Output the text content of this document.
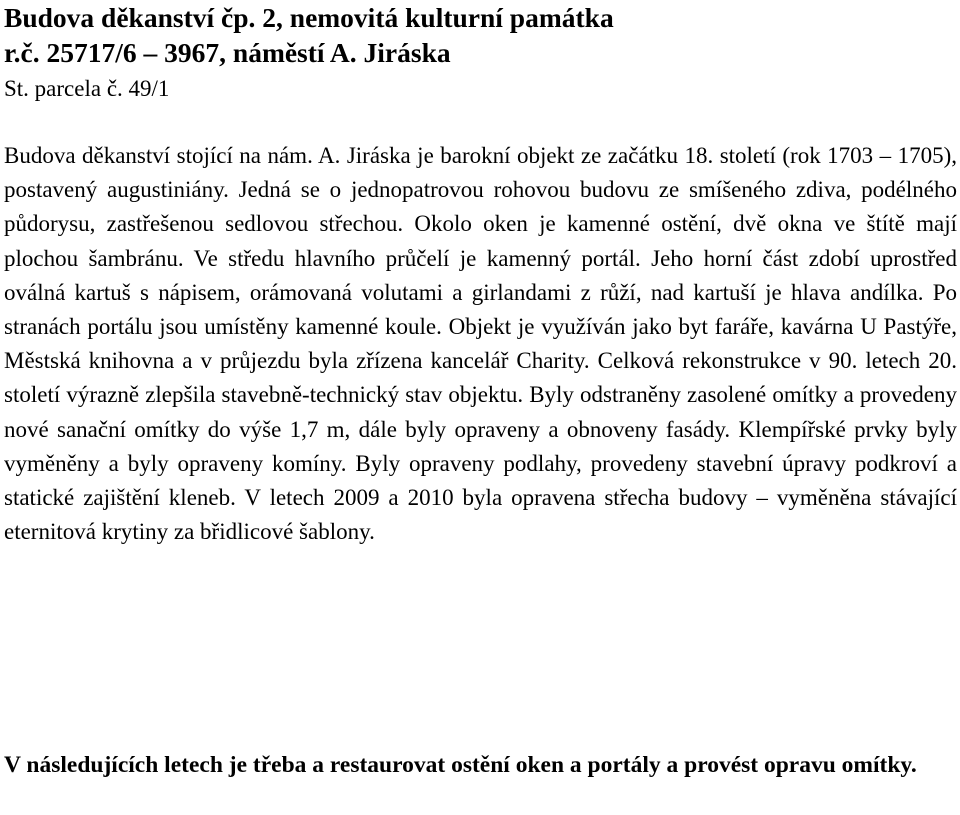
Budova děkanství čp. 2, nemovitá kulturní památka
r.č. 25717/6 – 3967, náměstí A. Jiráska

St. parcela č. 49/1

Budova děkanství stojící na nám. A. Jiráska je barokní objekt ze začátku 18. století (rok 1703 – 1705), postavený augustiniány. Jedná se o jednopatrovou rohovou budovu ze smíšeného zdiva, podélného půdorysu, zastřešenou sedlovou střechou. Okolo oken je kamenné ostění, dvě okna ve štítě mají plochou šambránu. Ve středu hlavního průčelí je kamenný portál. Jeho horní část zdobí uprostřed oválná kartuš s nápisem, orámovaná volutami a girlandami z růží, nad kartuší je hlava andílka. Po stranách portálu jsou umístěny kamenné koule. Objekt je využíván jako byt faráře, kavárna U Pastýře, Městská knihovna a v průjezdu byla zřízena kancelář Charity. Celková rekonstrukce v 90. letech 20. století výrazně zlepšila stavebně-technický stav objektu. Byly odstraněny zasolené omítky a provedeny nové sanační omítky do výše 1,7 m, dále byly opraveny a obnoveny fasády. Klempířské prvky byly vyměněny a byly opraveny komíny. Byly opraveny podlahy, provedeny stavební úpravy podkroví a statické zajištění kleneb. V letech 2009 a 2010 byla opravena střecha budovy – vyměněna stávající eternitová krytiny za břidlicové šablony.

V následujících letech je třeba a restaurovat ostění oken a portály a provést opravu omítky.
